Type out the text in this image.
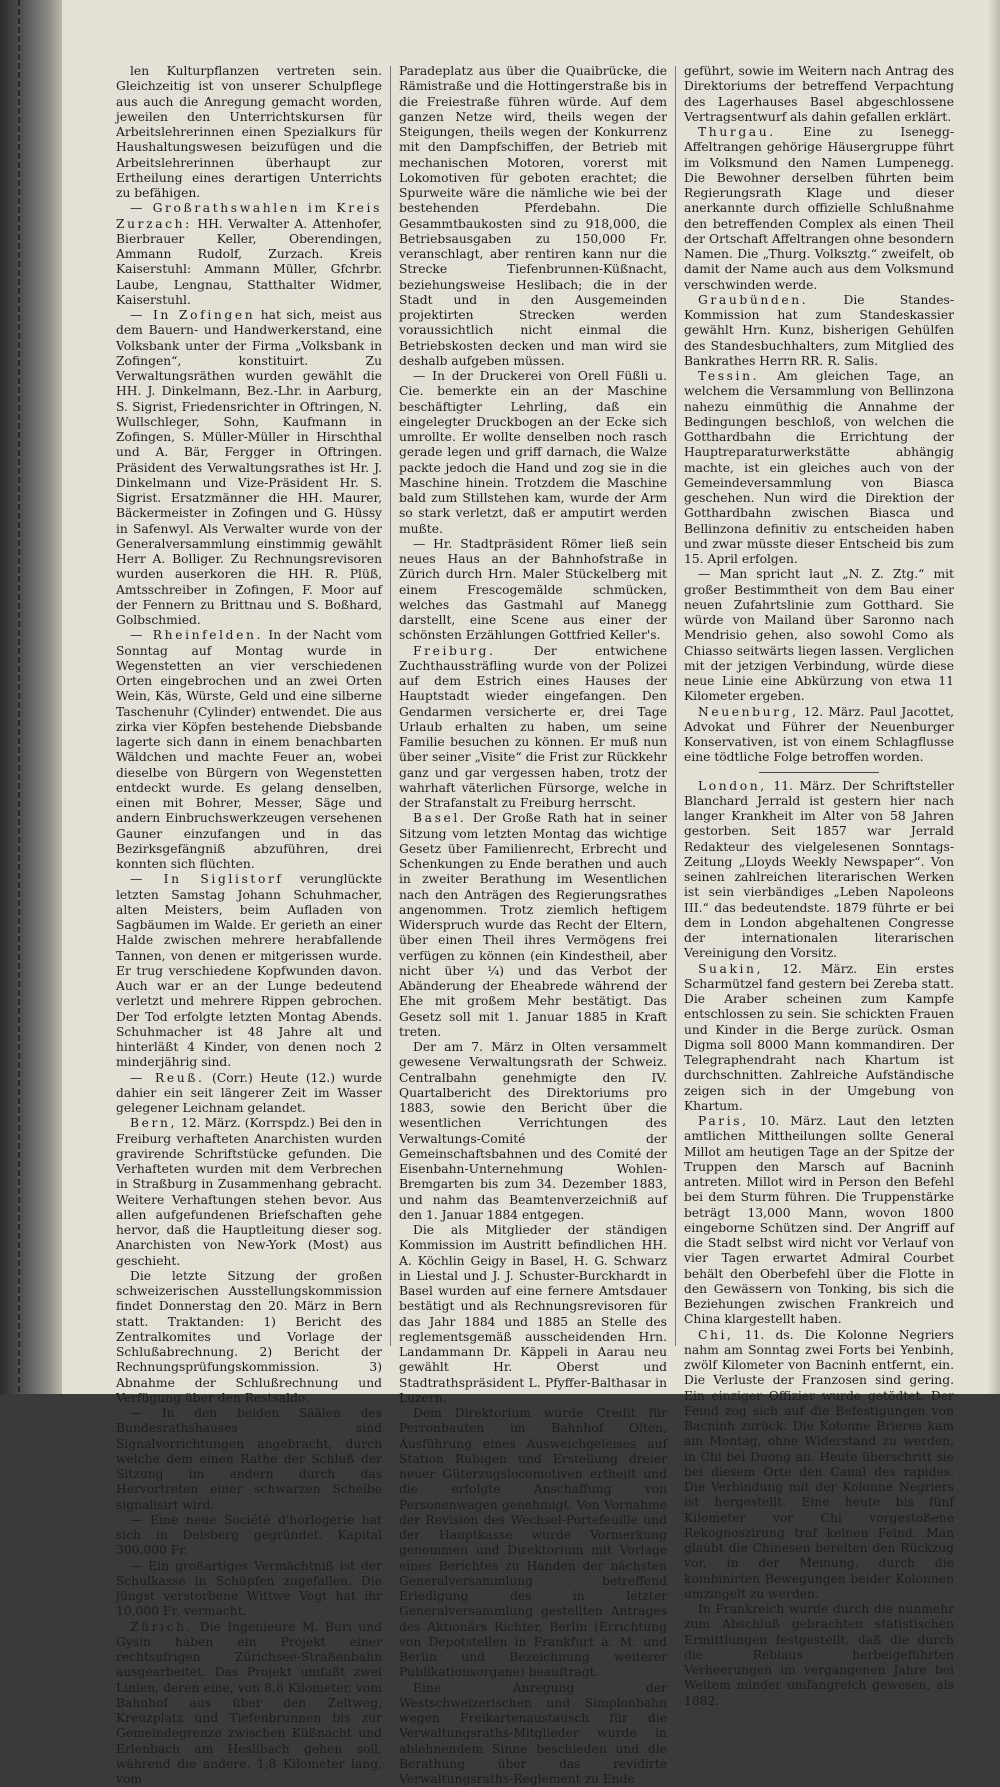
len Kulturpflanzen vertreten sein. Gleichzeitig ist von unserer Schulpflege aus auch die Anregung gemacht worden, jeweilen den Unterrichtskursen für Arbeitslehrerinnen einen Spezialkurs für Haushaltungswesen beizufügen und die Arbeitslehrerinnen überhaupt zur Ertheilung eines derartigen Unterrichts zu befähigen.

— Großrathswahlen im Kreis Zurzach: HH. Verwalter A. Attenhofer, Bierbrauer Keller, Oberendingen, Ammann Rudolf, Zurzach. Kreis Kaiserstuhl: Ammann Müller, Gfchrbr. Laube, Lengnau, Statthalter Widmer, Kaiserstuhl.

— In Zofingen hat sich, meist aus dem Bauern- und Handwerkerstand, eine Volksbank unter der Firma „Volksbank in Zofingen“, konstituirt. Zu Verwaltungsräthen wurden gewählt die HH. J. Dinkelmann, Bez.-Lhr. in Aarburg, S. Sigrist, Friedensrichter in Oftringen, N. Wullschleger, Sohn, Kaufmann in Zofingen, S. Müller-Müller in Hirschthal und A. Bär, Fergger in Oftringen. Präsident des Verwaltungsrathes ist Hr. J. Dinkelmann und Vize-Präsident Hr. S. Sigrist. Ersatzmänner die HH. Maurer, Bäckermeister in Zofingen und G. Hüssy in Safenwyl. Als Verwalter wurde von der Generalversammlung einstimmig gewählt Herr A. Bolliger. Zu Rechnungsrevisoren wurden auserkoren die HH. R. Plüß, Amtsschreiber in Zofingen, F. Moor auf der Fennern zu Brittnau und S. Boßhard, Golbschmied.

— Rheinfelden. In der Nacht vom Sonntag auf Montag wurde in Wegenstetten an vier verschiedenen Orten eingebrochen und an zwei Orten Wein, Käs, Würste, Geld und eine silberne Taschenuhr (Cylinder) entwendet. Die aus zirka vier Köpfen bestehende Diebsbande lagerte sich dann in einem benachbarten Wäldchen und machte Feuer an, wobei dieselbe von Bürgern von Wegenstetten entdeckt wurde. Es gelang denselben, einen mit Bohrer, Messer, Säge und andern Einbruchswerkzeugen versehenen Gauner einzufangen und in das Bezirksgefängniß abzuführen, drei konnten sich flüchten.

— In Siglistorf verunglückte letzten Samstag Johann Schuhmacher, alten Meisters, beim Aufladen von Sagbäumen im Walde. Er gerieth an einer Halde zwischen mehrere herabfallende Tannen, von denen er mitgerissen wurde. Er trug verschiedene Kopfwunden davon. Auch war er an der Lunge bedeutend verletzt und mehrere Rippen gebrochen. Der Tod erfolgte letzten Montag Abends. Schuhmacher ist 48 Jahre alt und hinterläßt 4 Kinder, von denen noch 2 minderjährig sind.

— Reuß. (Corr.) Heute (12.) wurde dahier ein seit längerer Zeit im Wasser gelegener Leichnam gelandet.

Bern, 12. März. (Korrspdz.) Bei den in Freiburg verhafteten Anarchisten wurden gravirende Schriftstücke gefunden. Die Verhafteten wurden mit dem Verbrechen in Straßburg in Zusammenhang gebracht. Weitere Verhaftungen stehen bevor. Aus allen aufgefundenen Briefschaften gehe hervor, daß die Hauptleitung dieser sog. Anarchisten von New-York (Most) aus geschieht.

Die letzte Sitzung der großen schweizerischen Ausstellungskommission findet Donnerstag den 20. März in Bern statt. Traktanden: 1) Bericht des Zentralkomites und Vorlage der Schlußabrechnung. 2) Bericht der Rechnungsprüfungskommission. 3) Abnahme der Schlußrechnung und Verfügung über den Restsaldo.

— In den beiden Säälen des Bundesrathshauses sind Signalvorrichtungen angebracht, durch welche dem einen Rathe der Schluß der Sitzung im andern durch das Hervortreten einer schwarzen Scheibe signalisirt wird.

— Eine neue Société d'horlogerie hat sich in Delsberg gegründet. Kapital 300,000 Fr.

— Ein großartiges Vermächtniß ist der Schulkasse in Schüpfen zugefallen. Die jüngst verstorbene Wittwe Vogt hat ihr 10,000 Fr. vermacht.

Zürich. Die Ingenieure M. Buri und Gysin haben ein Projekt einer rechtsufrigen Zürichsee-Straßenbahn ausgearbeitet. Das Projekt umfaßt zwei Linien, deren eine, von 8,8 Kilometer, vom Bahnhof aus über den Zeltweg, Kreuzplatz und Tiefenbrunnen bis zur Gemeindegrenze zwischen Küßnacht und Erlenbach am Heslibach gehen soll, während die andere, 1,8 Kilometer lang, vom

Paradeplatz aus über die Quaibrücke, die Rämistraße und die Hottingerstraße bis in die Freiestraße führen würde. Auf dem ganzen Netze wird, theils wegen der Steigungen, theils wegen der Konkurrenz mit den Dampfschiffen, der Betrieb mit mechanischen Motoren, vorerst mit Lokomotiven für geboten erachtet; die Spurweite wäre die nämliche wie bei der bestehenden Pferdebahn. Die Gesammtbaukosten sind zu 918,000, die Betriebsausgaben zu 150,000 Fr. veranschlagt, aber rentiren kann nur die Strecke Tiefenbrunnen-Küßnacht, beziehungsweise Heslibach; die in der Stadt und in den Ausgemeinden projektirten Strecken werden voraussichtlich nicht einmal die Betriebskosten decken und man wird sie deshalb aufgeben müssen.

— In der Druckerei von Orell Füßli u. Cie. bemerkte ein an der Maschine beschäftigter Lehrling, daß ein eingelegter Druckbogen an der Ecke sich umrollte. Er wollte denselben noch rasch gerade legen und griff darnach, die Walze packte jedoch die Hand und zog sie in die Maschine hinein. Trotzdem die Maschine bald zum Stillstehen kam, wurde der Arm so stark verletzt, daß er amputirt werden mußte.

— Hr. Stadtpräsident Römer ließ sein neues Haus an der Bahnhofstraße in Zürich durch Hrn. Maler Stückelberg mit einem Frescogemälde schmücken, welches das Gastmahl auf Manegg darstellt, eine Scene aus einer der schönsten Erzählungen Gottfried Keller's.

Freiburg.	Der entwichene Zuchthaussträfling wurde von der Polizei auf dem Estrich eines Hauses der Hauptstadt wieder eingefangen. Den Gendarmen versicherte er, drei Tage Urlaub erhalten zu haben, um seine Familie besuchen zu können. Er muß nun über seiner „Visite“ die Frist zur Rückkehr ganz und gar vergessen haben, trotz der wahrhaft väterlichen Fürsorge, welche in der Strafanstalt zu Freiburg herrscht.

Basel. Der Große Rath hat in seiner Sitzung vom letzten Montag das wichtige Gesetz über Familienrecht, Erbrecht und Schenkungen zu Ende berathen und auch in zweiter Berathung im Wesentlichen nach den Anträgen des Regierungsrathes angenommen. Trotz ziemlich heftigem Widerspruch wurde das Recht der Eltern, über einen Theil ihres Vermögens frei verfügen zu können (ein Kindestheil, aber nicht über ¼) und das Verbot der Abänderung der Eheabrede während der Ehe mit großem Mehr bestätigt. Das Gesetz soll mit 1. Januar 1885 in Kraft treten.

Der am 7. März in Olten versammelt gewesene Verwaltungsrath der Schweiz. Centralbahn genehmigte den IV. Quartalbericht des Direktoriums pro 1883, sowie den Bericht über die wesentlichen Verrichtungen des Verwaltungs-Comité der Gemeinschaftsbahnen und des Comité der Eisenbahn-Unternehmung Wohlen-Bremgarten bis zum 34. Dezember 1883, und nahm das Beamtenverzeichniß auf den 1. Januar 1884 entgegen.

Die als Mitglieder der ständigen Kommission im Austritt befindlichen HH. A. Köchlin Geigy in Basel, H. G. Schwarz in Liestal und J. J. Schuster-Burckhardt in Basel wurden auf eine fernere Amtsdauer bestätigt und als Rechnungsrevisoren für das Jahr 1884 und 1885 an Stelle des reglementsgemäß ausscheidenden Hrn. Landammann Dr. Käppeli in Aarau neu gewählt Hr. Oberst und Stadtrathspräsident L. Pfyffer-Balthasar in Luzern.

Dem Direktorium wurde Credit für Perronbauten im Bahnhof Olten, Ausführung eines Ausweichgeleises auf Station Rubigen und Erstellung dreier neuer Güterzugslocomotiven ertheilt und die erfolgte Anschaffung von Personenwagen genehmigt. Von Vornahme der Revision des Wechsel-Portefeuille und der Hauptkasse wurde Vormerkung genommen und Direktorium mit Vorlage eines Berichtes zu Handen der nächsten Generalversammlung betreffend Erledigung des in letzter Generalversammlung gestellten Antrages des Aktionärs Richter, Berlin (Errichtung von Depotstellen in Frankfurt a. M. und Berlin und Bezeichnung weiterer Publikationsorgane) beauftragt.

Eine Anregung der Westschweizerischen und Simplonbahn wegen Freikartenaustausch für die Verwaltungsraths-Mitglieder wurde in ablehnendem Sinne beschieden und die Berathung über das revidirte Verwaltungsraths-Reglement zu Ende

geführt, sowie im Weitern nach Antrag des Direktoriums der betreffend Verpachtung des Lagerhauses Basel abgeschlossene Vertragsentwurf als dahin gefallen erklärt.

Thurgau. Eine zu Isenegg-Affeltrangen gehörige Häusergruppe führt im Volksmund den Namen Lumpenegg. Die Bewohner derselben führten beim Regierungsrath Klage und dieser anerkannte durch offizielle Schlußnahme den betreffenden Complex als einen Theil der Ortschaft Affeltrangen ohne besondern Namen. Die „Thurg. Volksztg.“ zweifelt, ob damit der Name auch aus dem Volksmund verschwinden werde.

Graubünden.	Die Standes-Kommission hat zum Standeskassier gewählt Hrn. Kunz, bisherigen Gehülfen des Standesbuchhalters, zum Mitglied des Bankrathes Herrn RR. R. Salis.

Tessin. Am gleichen Tage, an welchem die Versammlung von Bellinzona nahezu einmüthig die Annahme der Bedingungen beschloß, von welchen die Gotthardbahn die Errichtung der Hauptreparaturwerkstätte abhängig machte, ist ein gleiches auch von der Gemeindeversammlung von Biasca geschehen. Nun wird die Direktion der Gotthardbahn zwischen Biasca und Bellinzona definitiv zu entscheiden haben und zwar müsste dieser Entscheid bis zum 15. April erfolgen.

— Man spricht laut „N. Z. Ztg.“ mit großer Bestimmtheit von dem Bau einer neuen Zufahrtslinie zum Gotthard. Sie würde von Mailand über Saronno nach Mendrisio gehen, also sowohl Como als Chiasso seitwärts liegen lassen. Verglichen mit der jetzigen Verbindung, würde diese neue Linie eine Abkürzung von etwa 11 Kilometer ergeben.

Neuenburg, 12. März. Paul Jacottet, Advokat und Führer der Neuenburger Konservativen, ist von einem Schlagflusse eine tödtliche Folge betroffen worden.

London, 11. März. Der Schriftsteller Blanchard Jerrald ist gestern hier nach langer Krankheit im Alter von 58 Jahren gestorben. Seit 1857 war Jerrald Redakteur des vielgelesenen Sonntags-Zeitung „Lloyds Weekly Newspaper“. Von seinen zahlreichen literarischen Werken ist sein vierbändiges „Leben Napoleons III.“ das bedeutendste. 1879 führte er bei dem in London abgehaltenen Congresse der internationalen literarischen Vereinigung den Vorsitz.

Suakin, 12. März. Ein erstes Scharmützel fand gestern bei Zereba statt. Die Araber scheinen zum Kampfe entschlossen zu sein. Sie schickten Frauen und Kinder in die Berge zurück. Osman Digma soll 8000 Mann kommandiren. Der Telegraphendraht nach Khartum ist durchschnitten. Zahlreiche Aufständische zeigen sich in der Umgebung von Khartum.

Paris, 10. März. Laut den letzten amtlichen Mittheilungen sollte General Millot am heutigen Tage an der Spitze der Truppen den Marsch auf Bacninh antreten. Millot wird in Person den Befehl bei dem Sturm führen. Die Truppenstärke beträgt 13,000 Mann, wovon 1800 eingeborne Schützen sind. Der Angriff auf die Stadt selbst wird nicht vor Verlauf von vier Tagen erwartet Admiral Courbet behält den Oberbefehl über die Flotte in den Gewässern von Tonking, bis sich die Beziehungen zwischen Frankreich und China klargestellt haben.

Chi, 11. ds. Die Kolonne Negriers nahm am Sonntag zwei Forts bei Yenbinh, zwölf Kilometer von Bacninh entfernt, ein. Die Verluste der Franzosen sind gering. Ein einziger Offizier wurde getödtet. Der Feind zog sich auf die Befestigungen von Bacninh zurück. Die Kolonne Brieres kam am Montag, ohne Widerstand zu werden, in Chi bei Duong an. Heute überschritt sie bei diesem Orte den Canal des rapides. Die Verbindung mit der Kolonne Negriers ist hergestellt. Eine heute bis fünf Kilometer vor Chi vorgestoßene Rekognoszirung traf keinen Feind. Man glaubt die Chinesen bereiten den Rückzug vor, in der Meinung, durch die kombinirten Bewegungen beider Kolonnen umzingelt zu werden.

In Frankreich wurde durch die nunmehr zum Abschluß gebrachten statistischen Ermittlungen festgestellt, daß die durch die Reblaus herbeigeführten Verheerungen im vergangenen Jahre bei Weitem minder umfangreich gewesen, als 1882.
